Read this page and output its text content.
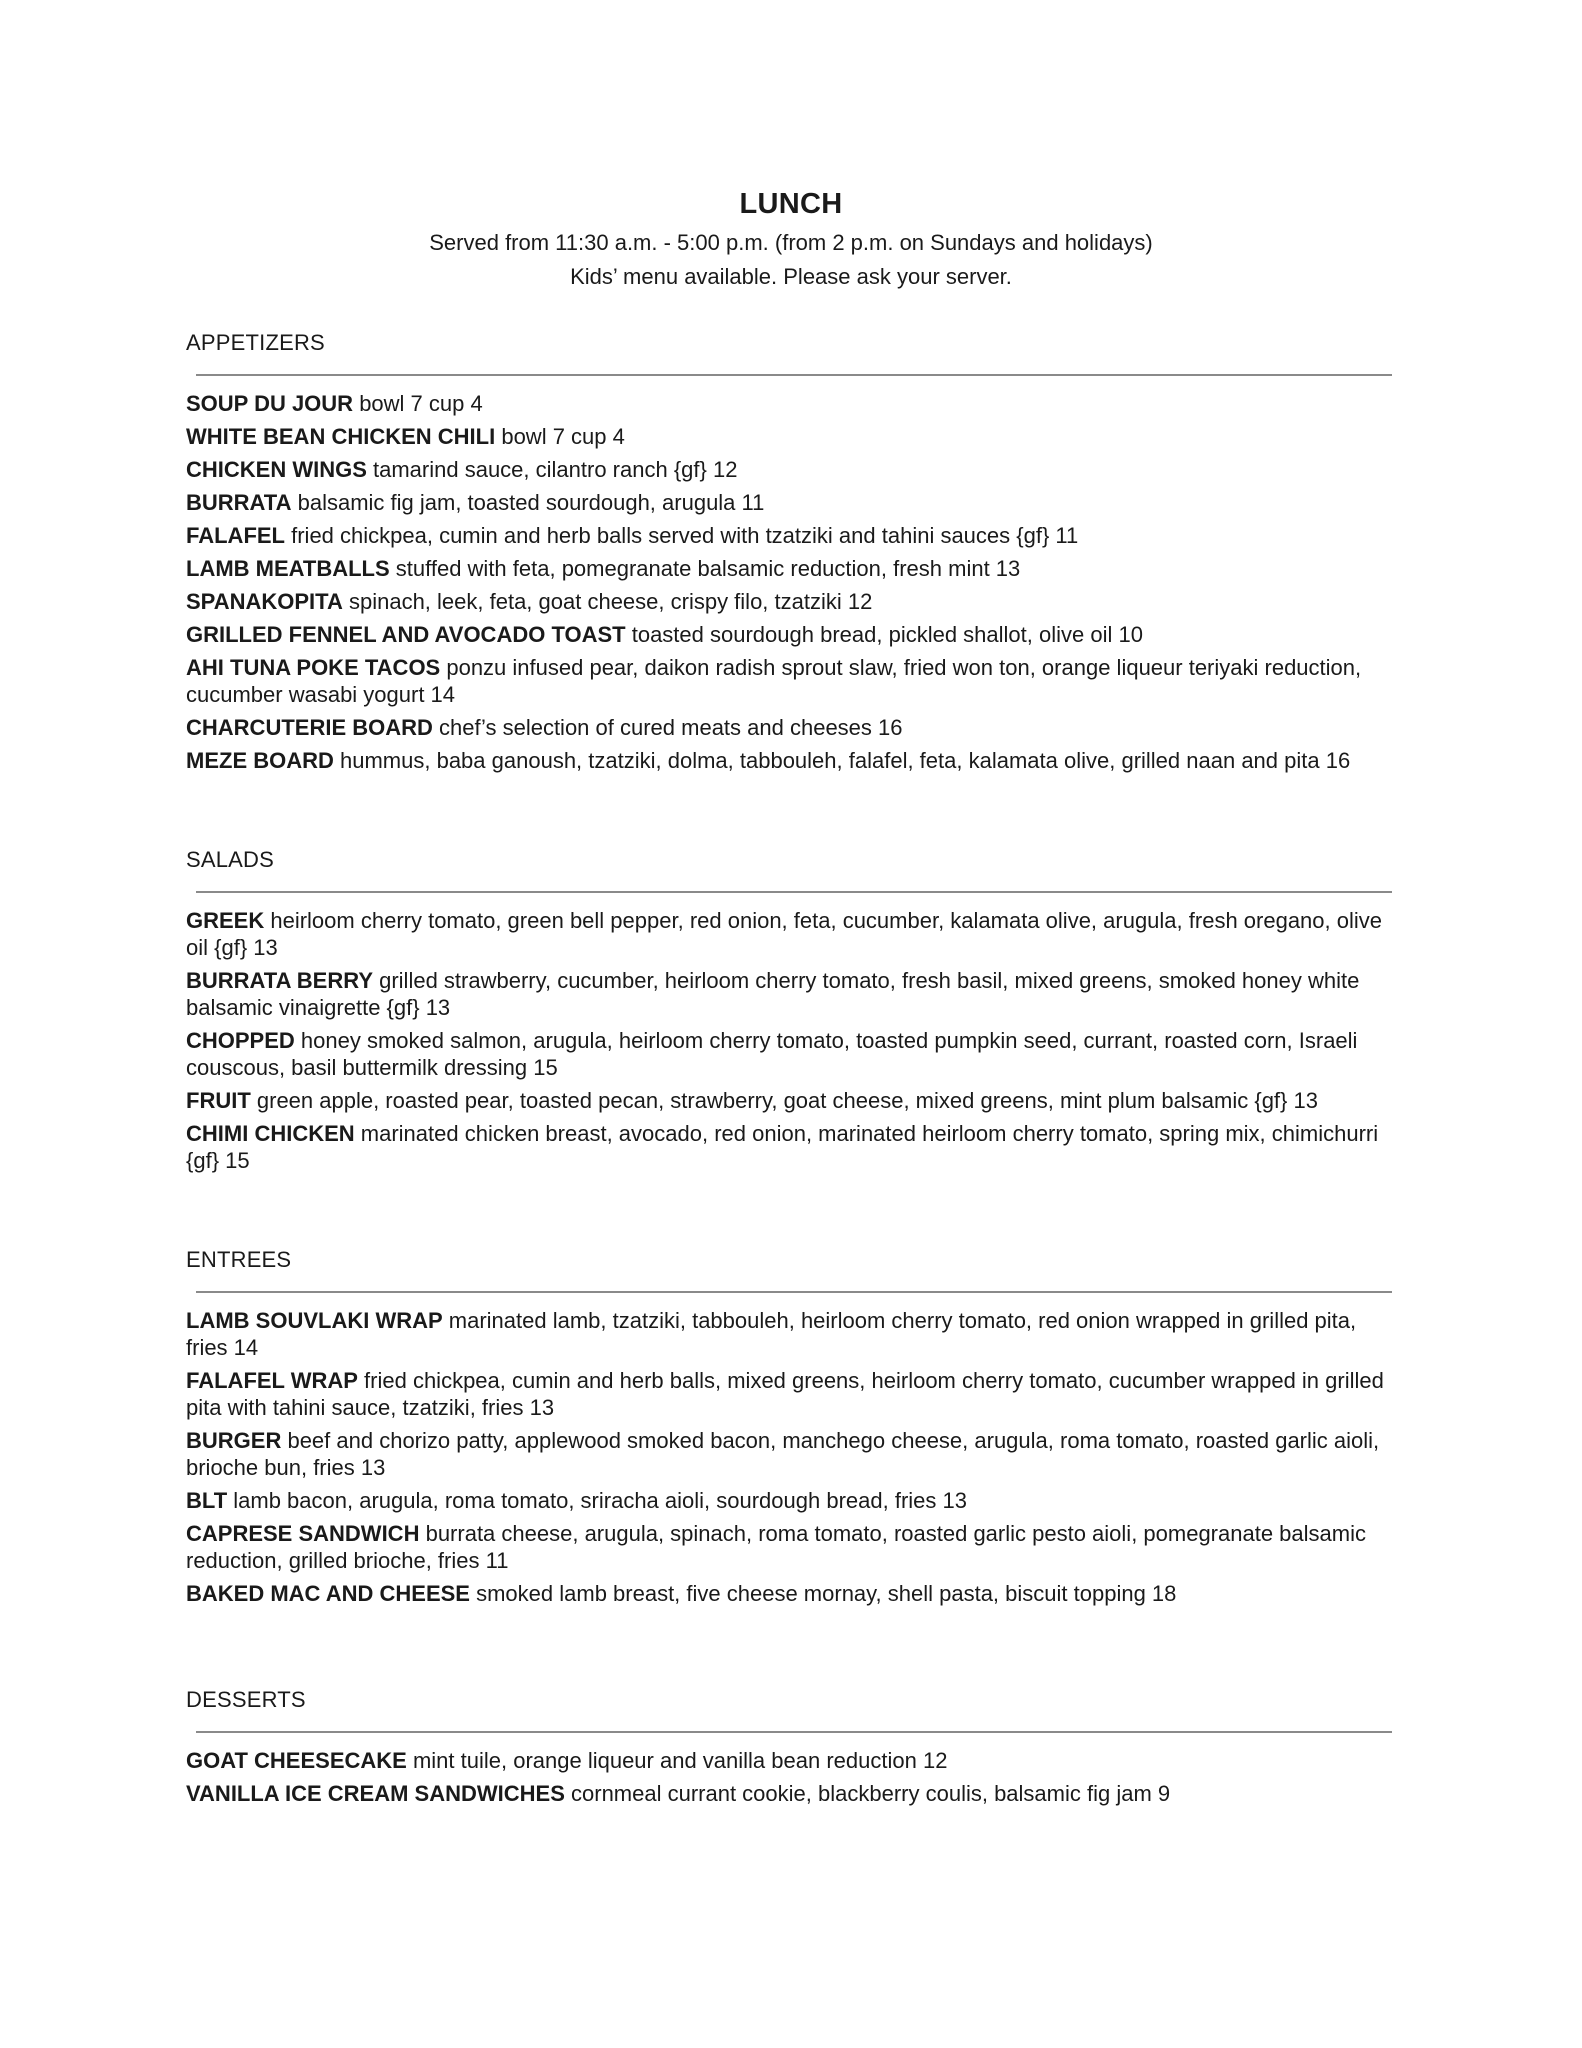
LUNCH
Served from 11:30 a.m. - 5:00 p.m. (from 2 p.m. on Sundays and holidays)
Kids’ menu available. Please ask your server.
APPETIZERS
SOUP DU JOUR bowl 7 cup 4
WHITE BEAN CHICKEN CHILI bowl 7 cup 4
CHICKEN WINGS tamarind sauce, cilantro ranch {gf} 12
BURRATA balsamic fig jam, toasted sourdough, arugula 11
FALAFEL fried chickpea, cumin and herb balls served with tzatziki and tahini sauces {gf} 11
LAMB MEATBALLS stuffed with feta, pomegranate balsamic reduction, fresh mint 13
SPANAKOPITA spinach, leek, feta, goat cheese, crispy filo, tzatziki 12
GRILLED FENNEL AND AVOCADO TOAST toasted sourdough bread, pickled shallot, olive oil 10
AHI TUNA POKE TACOS ponzu infused pear, daikon radish sprout slaw, fried won ton, orange liqueur teriyaki reduction, cucumber wasabi yogurt 14
CHARCUTERIE BOARD chef’s selection of cured meats and cheeses 16
MEZE BOARD hummus, baba ganoush, tzatziki, dolma, tabbouleh, falafel, feta, kalamata olive, grilled naan and pita 16
SALADS
GREEK heirloom cherry tomato, green bell pepper, red onion, feta, cucumber, kalamata olive, arugula, fresh oregano, olive oil {gf} 13
BURRATA BERRY grilled strawberry, cucumber, heirloom cherry tomato, fresh basil, mixed greens, smoked honey white balsamic vinaigrette {gf} 13
CHOPPED honey smoked salmon, arugula, heirloom cherry tomato, toasted pumpkin seed, currant, roasted corn, Israeli couscous, basil buttermilk dressing 15
FRUIT green apple, roasted pear, toasted pecan, strawberry, goat cheese, mixed greens, mint plum balsamic {gf} 13
CHIMI CHICKEN marinated chicken breast, avocado, red onion, marinated heirloom cherry tomato, spring mix, chimichurri {gf} 15
ENTREES
LAMB SOUVLAKI WRAP marinated lamb, tzatziki, tabbouleh, heirloom cherry tomato, red onion wrapped in grilled pita, fries 14
FALAFEL WRAP fried chickpea, cumin and herb balls, mixed greens, heirloom cherry tomato, cucumber wrapped in grilled pita with tahini sauce, tzatziki, fries 13
BURGER beef and chorizo patty, applewood smoked bacon, manchego cheese, arugula, roma tomato, roasted garlic aioli, brioche bun, fries 13
BLT lamb bacon, arugula, roma tomato, sriracha aioli, sourdough bread, fries 13
CAPRESE SANDWICH burrata cheese, arugula, spinach, roma tomato, roasted garlic pesto aioli, pomegranate balsamic reduction, grilled brioche, fries 11
BAKED MAC AND CHEESE smoked lamb breast, five cheese mornay, shell pasta, biscuit topping 18
DESSERTS
GOAT CHEESECAKE mint tuile, orange liqueur and vanilla bean reduction 12
VANILLA ICE CREAM SANDWICHES cornmeal currant cookie, blackberry coulis, balsamic fig jam 9
